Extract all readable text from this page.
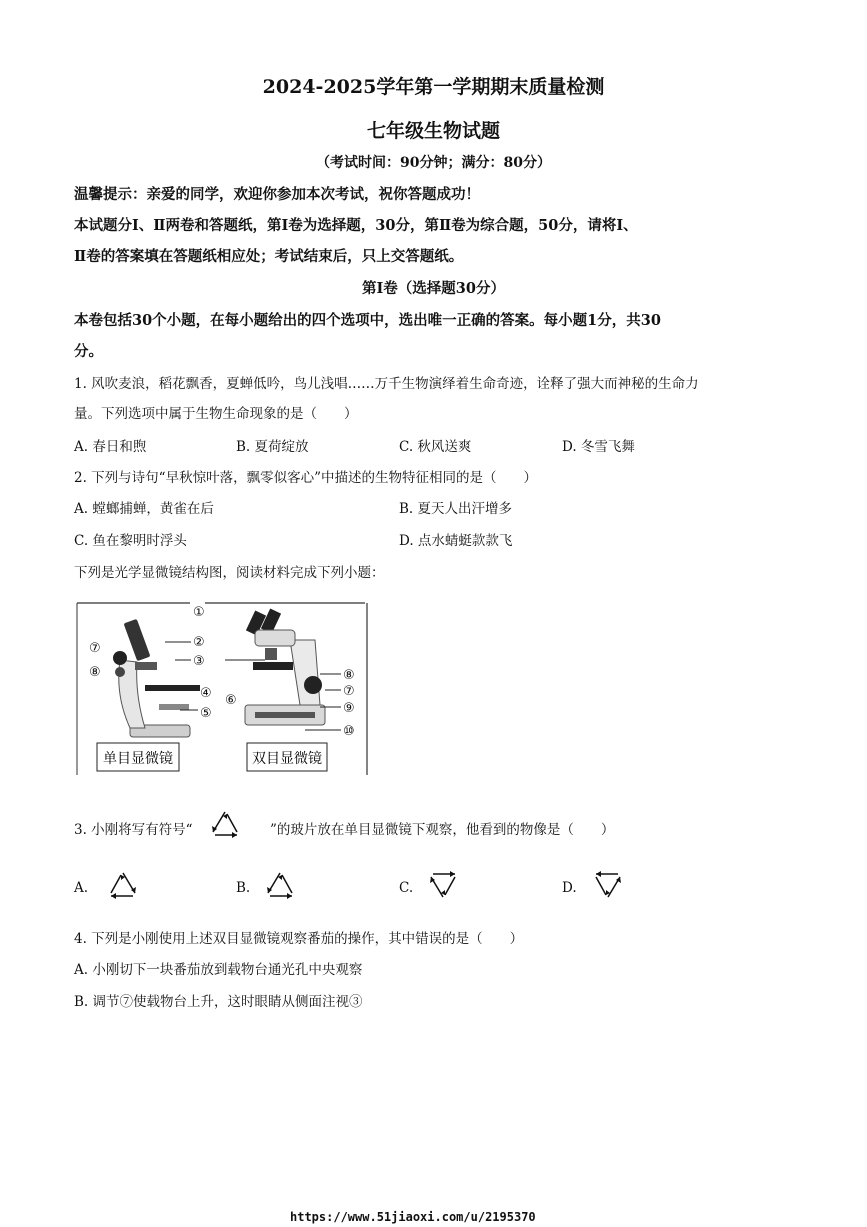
2024-2025学年第一学期期末质量检测
七年级生物试题
（考试时间：90分钟；满分：80分）
温馨提示：亲爱的同学，欢迎你参加本次考试，祝你答题成功！
本试题分Ⅰ、Ⅱ两卷和答题纸，第Ⅰ卷为选择题，30分，第Ⅱ卷为综合题，50分，请将Ⅰ、
Ⅱ卷的答案填在答题纸相应处；考试结束后，只上交答题纸。
第Ⅰ卷（选择题30分）
本卷包括30个小题，在每小题给出的四个选项中，选出唯一正确的答案。每小题1分，共30
分。
1. 风吹麦浪，稻花飘香，夏蝉低吟，鸟儿浅唱……万千生物演绎着生命奇迹，诠释了强大而神秘的生命力
量。下列选项中属于生物生命现象的是（　　）
A. 春日和煦	B. 夏荷绽放	C. 秋风送爽	D. 冬雪飞舞
2. 下列与诗句“早秋惊叶落，飘零似客心”中描述的生物特征相同的是（　　）
A. 螳螂捕蝉，黄雀在后	B. 夏天人出汗增多
C. 鱼在黎明时浮头	D. 点水蜻蜓款款飞
下列是光学显微镜结构图，阅读材料完成下列小题：
单目显微镜	双目显微镜
①
②
③
④
⑤
⑥
⑦
⑧	⑧
⑦
⑨
⑩
3. 小刚将写有符号“	”的玻片放在单目显微镜下观察，他看到的物像是（　　）
A.	B.	C.	D.
4. 下列是小刚使用上述双目显微镜观察番茄的操作，其中错误的是（　　）
A. 小刚切下一块番茄放到载物台通光孔中央观察
B. 调节⑦使载物台上升，这时眼睛从侧面注视③
https://www.51jiaoxi.com/u/2195370
